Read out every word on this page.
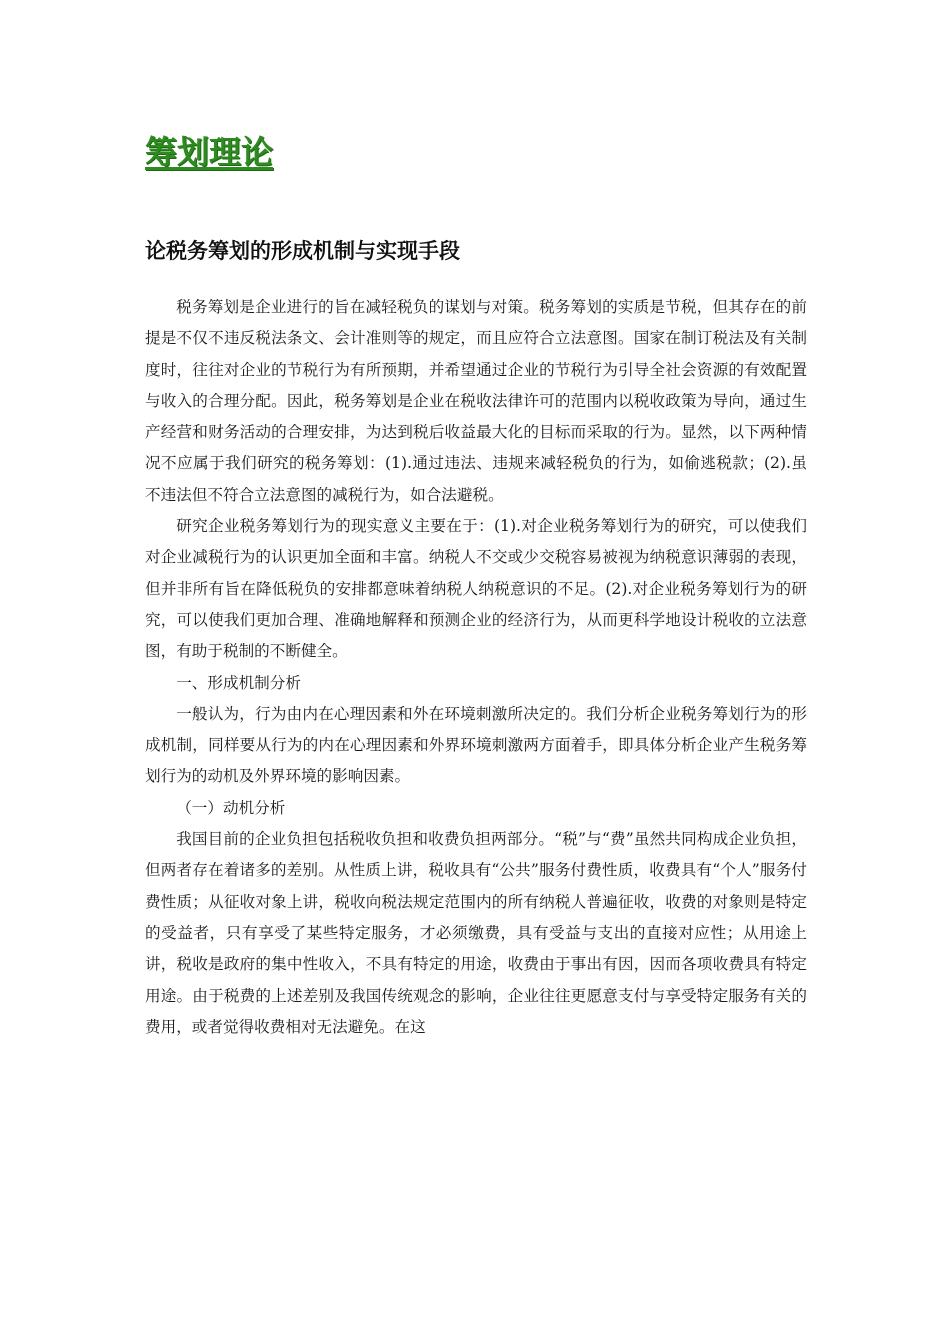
筹划理论
论税务筹划的形成机制与实现手段

税务筹划是企业进行的旨在减轻税负的谋划与对策。税务筹划的实质是节税，但其存在的前提是不仅不违反税法条文、会计准则等的规定，而且应符合立法意图。国家在制订税法及有关制度时，往往对企业的节税行为有所预期，并希望通过企业的节税行为引导全社会资源的有效配置与收入的合理分配。因此，税务筹划是企业在税收法律许可的范围内以税收政策为导向，通过生产经营和财务活动的合理安排，为达到税后收益最大化的目标而采取的行为。显然，以下两种情况不应属于我们研究的税务筹划：(1).通过违法、违规来减轻税负的行为，如偷逃税款；(2).虽不违法但不符合立法意图的减税行为，如合法避税。

研究企业税务筹划行为的现实意义主要在于：(1).对企业税务筹划行为的研究，可以使我们对企业减税行为的认识更加全面和丰富。纳税人不交或少交税容易被视为纳税意识薄弱的表现，但并非所有旨在降低税负的安排都意味着纳税人纳税意识的不足。(2).对企业税务筹划行为的研究，可以使我们更加合理、准确地解释和预测企业的经济行为，从而更科学地设计税收的立法意图，有助于税制的不断健全。

一、形成机制分析

一般认为，行为由内在心理因素和外在环境刺激所决定的。我们分析企业税务筹划行为的形成机制，同样要从行为的内在心理因素和外界环境刺激两方面着手，即具体分析企业产生税务筹划行为的动机及外界环境的影响因素。

（一）动机分析

我国目前的企业负担包括税收负担和收费负担两部分。“税”与“费”虽然共同构成企业负担，但两者存在着诸多的差别。从性质上讲，税收具有“公共”服务付费性质，收费具有“个人”服务付费性质；从征收对象上讲，税收向税法规定范围内的所有纳税人普遍征收，收费的对象则是特定的受益者，只有享受了某些特定服务，才必须缴费，具有受益与支出的直接对应性；从用途上讲，税收是政府的集中性收入，不具有特定的用途，收费由于事出有因，因而各项收费具有特定用途。由于税费的上述差别及我国传统观念的影响，企业往往更愿意支付与享受特定服务有关的费用，或者觉得收费相对无法避免。在这
